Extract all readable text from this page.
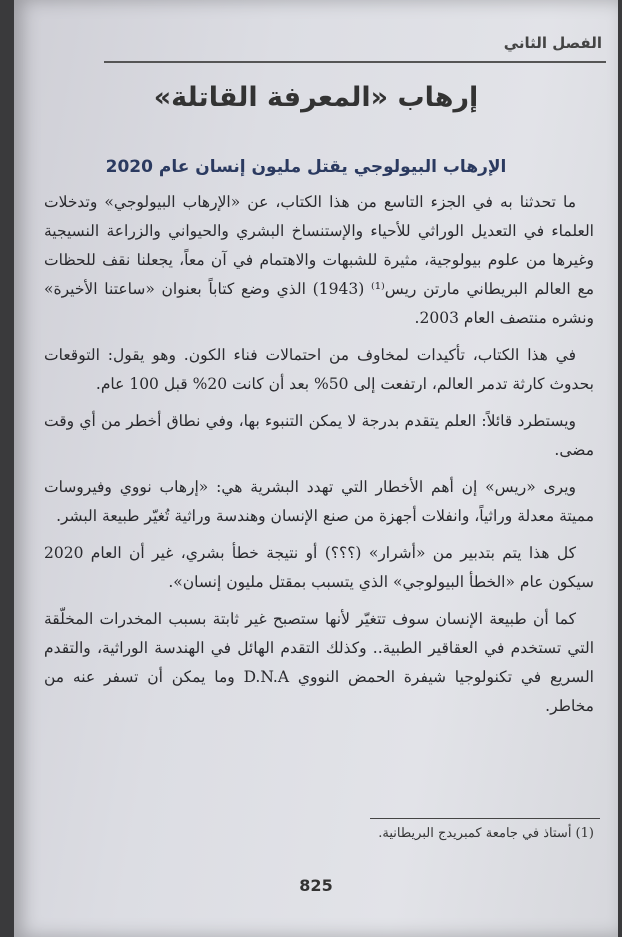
الفصل الثاني
إرهاب «المعرفة القاتلة»
الإرهاب البيولوجي يقتل مليون إنسان عام 2020

ما تحدثنا به في الجزء التاسع من هذا الكتاب، عن «الإرهاب البيولوجي» وتدخلات العلماء في التعديل الوراثي للأحياء والإستنساخ البشري والحيواني والزراعة النسيجية وغيرها من علوم بيولوجية، مثيرة للشبهات والاهتمام في آن معاً، يجعلنا نقف للحظات مع العالم البريطاني مارتن ريس⁽¹⁾ (1943) الذي وضع كتاباً بعنوان «ساعتنا الأخيرة» ونشره منتصف العام 2003.

في هذا الكتاب، تأكيدات لمخاوف من احتمالات فناء الكون. وهو يقول: التوقعات بحدوث كارثة تدمر العالم، ارتفعت إلى 50% بعد أن كانت 20% قبل 100 عام.

ويستطرد قائلاً: العلم يتقدم بدرجة لا يمكن التنبوء بها، وفي نطاق أخطر من أي وقت مضى.

ويرى «ريس» إن أهم الأخطار التي تهدد البشرية هي: «إرهاب نووي وفيروسات مميتة معدلة وراثياً، وانفلات أجهزة من صنع الإنسان وهندسة وراثية تُغيّر طبيعة البشر.

كل هذا يتم بتدبير من «أشرار» (؟؟؟) أو نتيجة خطأ بشري، غير أن العام 2020 سيكون عام «الخطأ البيولوجي» الذي يتسبب بمقتل مليون إنسان».

كما أن طبيعة الإنسان سوف تتغيّر لأنها ستصبح غير ثابتة بسبب المخدرات المخلّقة التي تستخدم في العقاقير الطبية.. وكذلك التقدم الهائل في الهندسة الوراثية، والتقدم السريع في تكنولوجيا شيفرة الحمض النووي D.N.A وما يمكن أن تسفر عنه من مخاطر.

(1) أستاذ في جامعة كمبريدج البريطانية.
825
